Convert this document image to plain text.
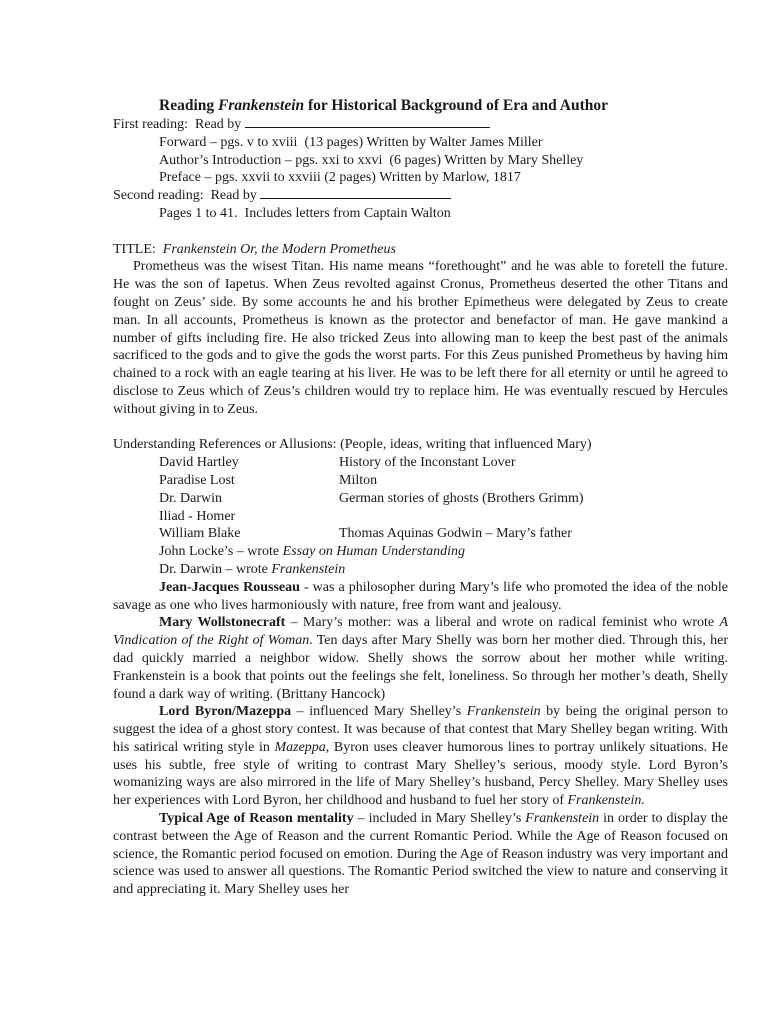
Reading Frankenstein for Historical Background of Era and Author
First reading:  Read by
Forward – pgs. v to xviii  (13 pages) Written by Walter James Miller
Author’s Introduction – pgs. xxi to xxvi  (6 pages) Written by Mary Shelley
Preface – pgs. xxvii to xxviii (2 pages) Written by Marlow, 1817
Second reading:  Read by
Pages 1 to 41.  Includes letters from Captain Walton
TITLE:  Frankenstein Or, the Modern Prometheus

Prometheus was the wisest Titan. His name means “forethought” and he was able to foretell the future. He was the son of Iapetus. When Zeus revolted against Cronus, Prometheus deserted the other Titans and fought on Zeus’ side. By some accounts he and his brother Epimetheus were delegated by Zeus to create man. In all accounts, Prometheus is known as the protector and benefactor of man. He gave mankind a number of gifts including fire. He also tricked Zeus into allowing man to keep the best past of the animals sacrificed to the gods and to give the gods the worst parts. For this Zeus punished Prometheus by having him chained to a rock with an eagle tearing at his liver. He was to be left there for all eternity or until he agreed to disclose to Zeus which of Zeus’s children would try to replace him. He was eventually rescued by Hercules without giving in to Zeus.

Understanding References or Allusions: (People, ideas, writing that influenced Mary)
David Hartley	History of the Inconstant Lover
Paradise Lost	Milton
Dr. Darwin	German stories of ghosts (Brothers Grimm)
Iliad - Homer
William Blake	Thomas Aquinas Godwin – Mary’s father
John Locke’s – wrote Essay on Human Understanding
Dr. Darwin – wrote Frankenstein

Jean-Jacques Rousseau - was a philosopher during Mary’s life who promoted the idea of the noble savage as one who lives harmoniously with nature, free from want and jealousy.

Mary Wollstonecraft – Mary’s mother: was a liberal and wrote on radical feminist who wrote A Vindication of the Right of Woman. Ten days after Mary Shelly was born her mother died. Through this, her dad quickly married a neighbor widow. Shelly shows the sorrow about her mother while writing. Frankenstein is a book that points out the feelings she felt, loneliness. So through her mother’s death, Shelly found a dark way of writing. (Brittany Hancock)

Lord Byron/Mazeppa – influenced Mary Shelley’s Frankenstein by being the original person to suggest the idea of a ghost story contest. It was because of that contest that Mary Shelley began writing. With his satirical writing style in Mazeppa, Byron uses cleaver humorous lines to portray unlikely situations. He uses his subtle, free style of writing to contrast Mary Shelley’s serious, moody style. Lord Byron’s womanizing ways are also mirrored in the life of Mary Shelley’s husband, Percy Shelley. Mary Shelley uses her experiences with Lord Byron, her childhood and husband to fuel her story of Frankenstein.

Typical Age of Reason mentality – included in Mary Shelley’s Frankenstein in order to display the contrast between the Age of Reason and the current Romantic Period. While the Age of Reason focused on science, the Romantic period focused on emotion. During the Age of Reason industry was very important and science was used to answer all questions. The Romantic Period switched the view to nature and conserving it and appreciating it. Mary Shelley uses her
